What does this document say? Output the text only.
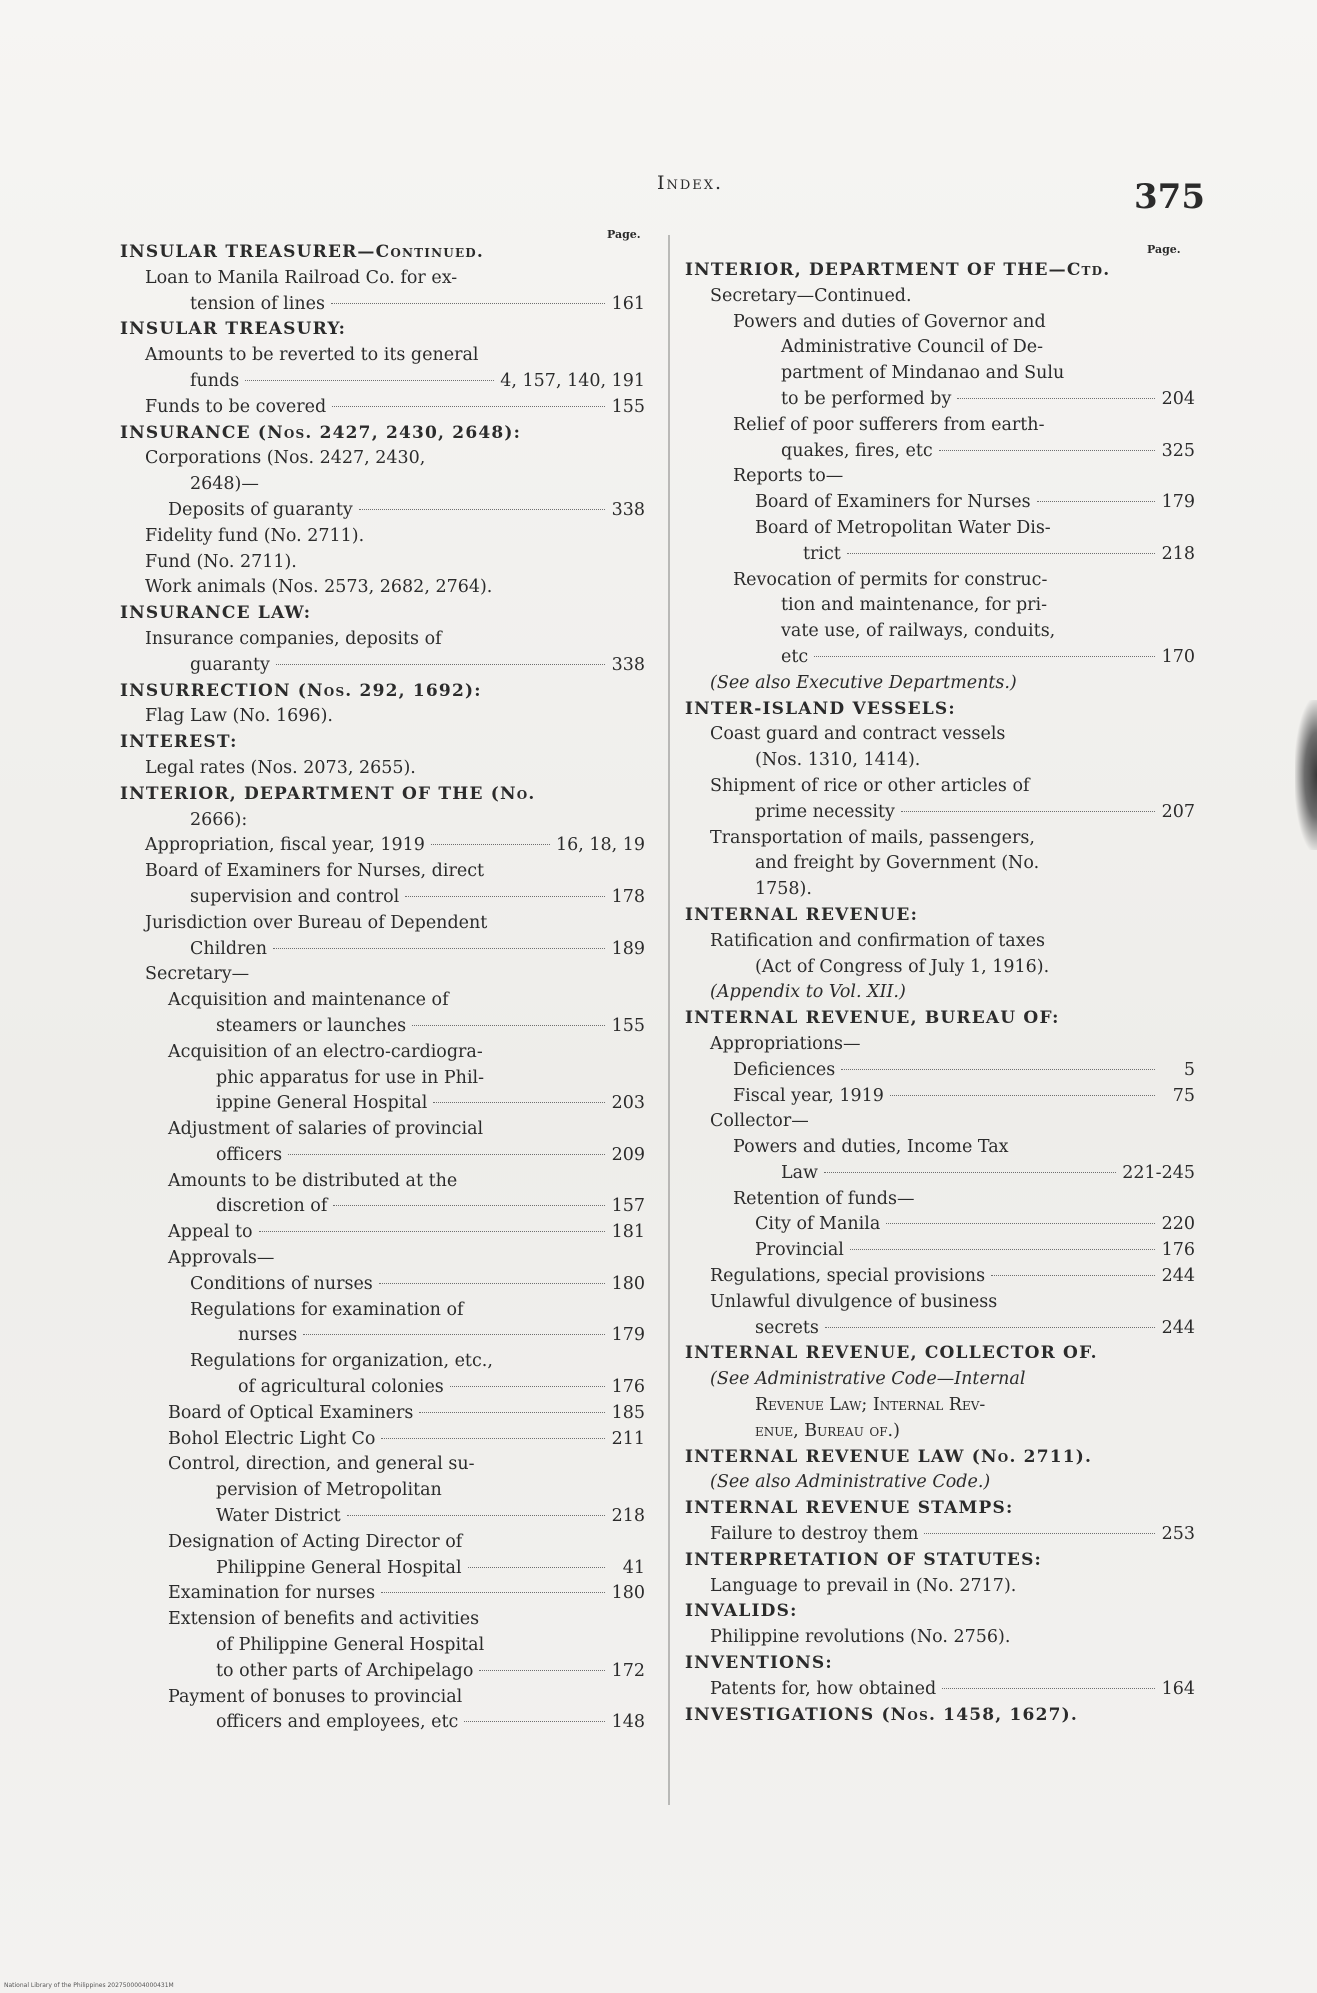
Index.	375
Page.
Page.
INSULAR TREASURER—Continued.
Loan to Manila Railroad Co. for ex-
tension of lines	161
INSULAR TREASURY:
Amounts to be reverted to its general
funds	4, 157, 140, 191
Funds to be covered	155
INSURANCE (Nos. 2427, 2430, 2648):
Corporations (Nos. 2427, 2430,
2648)—
Deposits of guaranty	338
Fidelity fund (No. 2711).
Fund (No. 2711).
Work animals (Nos. 2573, 2682, 2764).
INSURANCE LAW:
Insurance companies, deposits of
guaranty	338
INSURRECTION (Nos. 292, 1692):
Flag Law (No. 1696).
INTEREST:
Legal rates (Nos. 2073, 2655).
INTERIOR, DEPARTMENT OF THE (No.
2666):
Appropriation, fiscal year, 1919	16, 18, 19
Board of Examiners for Nurses, direct
supervision and control	178
Jurisdiction over Bureau of Dependent
Children	189
Secretary—
Acquisition and maintenance of
steamers or launches	155
Acquisition of an electro-cardiogra-
phic apparatus for use in Phil-
ippine General Hospital	203
Adjustment of salaries of provincial
officers	209
Amounts to be distributed at the
discretion of	157
Appeal to	181
Approvals—
Conditions of nurses	180
Regulations for examination of
nurses	179
Regulations for organization, etc.,
of agricultural colonies	176
Board of Optical Examiners	185
Bohol Electric Light Co	211
Control, direction, and general su-
pervision of Metropolitan
Water District	218
Designation of Acting Director of
Philippine General Hospital	41
Examination for nurses	180
Extension of benefits and activities
of Philippine General Hospital
to other parts of Archipelago	172
Payment of bonuses to provincial
officers and employees, etc	148
INTERIOR, DEPARTMENT OF THE—Ctd.
Secretary—Continued.
Powers and duties of Governor and
Administrative Council of De-
partment of Mindanao and Sulu
to be performed by	204
Relief of poor sufferers from earth-
quakes, fires, etc	325
Reports to—
Board of Examiners for Nurses	179
Board of Metropolitan Water Dis-
trict	218
Revocation of permits for construc-
tion and maintenance, for pri-
vate use, of railways, conduits,
etc	170
(See also Executive Departments.)
INTER-ISLAND VESSELS:
Coast guard and contract vessels
(Nos. 1310, 1414).
Shipment of rice or other articles of
prime necessity	207
Transportation of mails, passengers,
and freight by Government (No.
1758).
INTERNAL REVENUE:
Ratification and confirmation of taxes
(Act of Congress of July 1, 1916).
(Appendix to Vol. XII.)
INTERNAL REVENUE, BUREAU OF:
Appropriations—
Deficiences	5
Fiscal year, 1919	75
Collector—
Powers and duties, Income Tax
Law	221-245
Retention of funds—
City of Manila	220
Provincial	176
Regulations, special provisions	244
Unlawful divulgence of business
secrets	244
INTERNAL REVENUE, COLLECTOR OF.
(See Administrative Code—Internal
Revenue Law; Internal Rev-
enue, Bureau of.)
INTERNAL REVENUE LAW (No. 2711).
(See also Administrative Code.)
INTERNAL REVENUE STAMPS:
Failure to destroy them	253
INTERPRETATION OF STATUTES:
Language to prevail in (No. 2717).
INVALIDS:
Philippine revolutions (No. 2756).
INVENTIONS:
Patents for, how obtained	164
INVESTIGATIONS (Nos. 1458, 1627).
National Library of the Philippines 2027500004000431M
